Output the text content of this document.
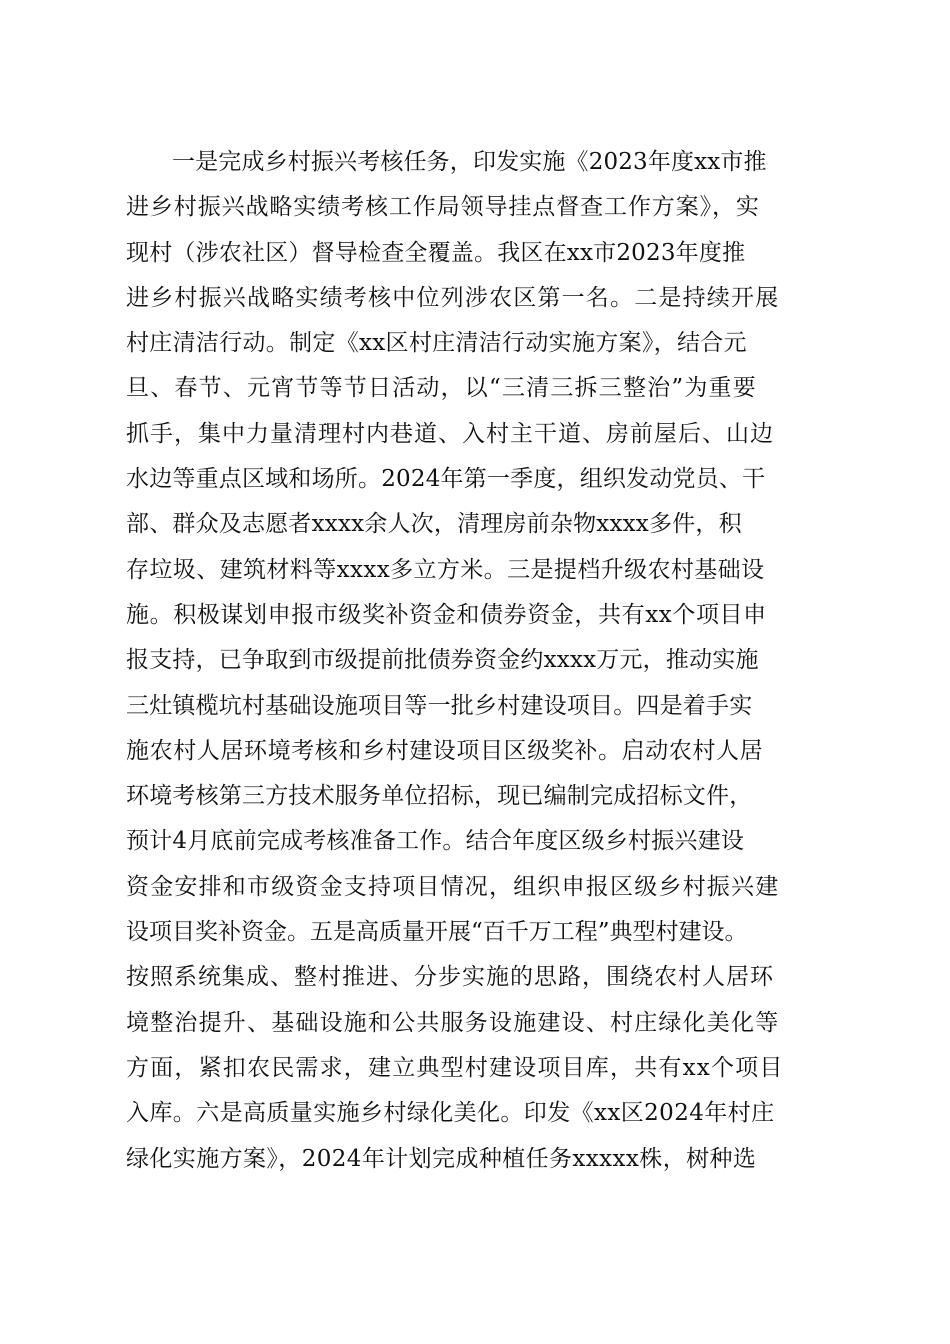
一是完成乡村振兴考核任务，印发实施《2023年度xx市推
进乡村振兴战略实绩考核工作局领导挂点督查工作方案》，实
现村（涉农社区）督导检查全覆盖。我区在xx市2023年度推
进乡村振兴战略实绩考核中位列涉农区第一名。二是持续开展
村庄清洁行动。制定《xx区村庄清洁行动实施方案》，结合元
旦、春节、元宵节等节日活动，以“三清三拆三整治”为重要
抓手，集中力量清理村内巷道、入村主干道、房前屋后、山边
水边等重点区域和场所。2024年第一季度，组织发动党员、干
部、群众及志愿者xxxx余人次，清理房前杂物xxxx多件，积
存垃圾、建筑材料等xxxx多立方米。三是提档升级农村基础设
施。积极谋划申报市级奖补资金和债券资金，共有xx个项目申
报支持，已争取到市级提前批债券资金约xxxx万元，推动实施
三灶镇榄坑村基础设施项目等一批乡村建设项目。四是着手实
施农村人居环境考核和乡村建设项目区级奖补。启动农村人居
环境考核第三方技术服务单位招标，现已编制完成招标文件，
预计4月底前完成考核准备工作。结合年度区级乡村振兴建设
资金安排和市级资金支持项目情况，组织申报区级乡村振兴建
设项目奖补资金。五是高质量开展“百千万工程”典型村建设。
按照系统集成、整村推进、分步实施的思路，围绕农村人居环
境整治提升、基础设施和公共服务设施建设、村庄绿化美化等
方面，紧扣农民需求，建立典型村建设项目库，共有xx个项目
入库。六是高质量实施乡村绿化美化。印发《xx区2024年村庄
绿化实施方案》，2024年计划完成种植任务xxxxx株，树种选
